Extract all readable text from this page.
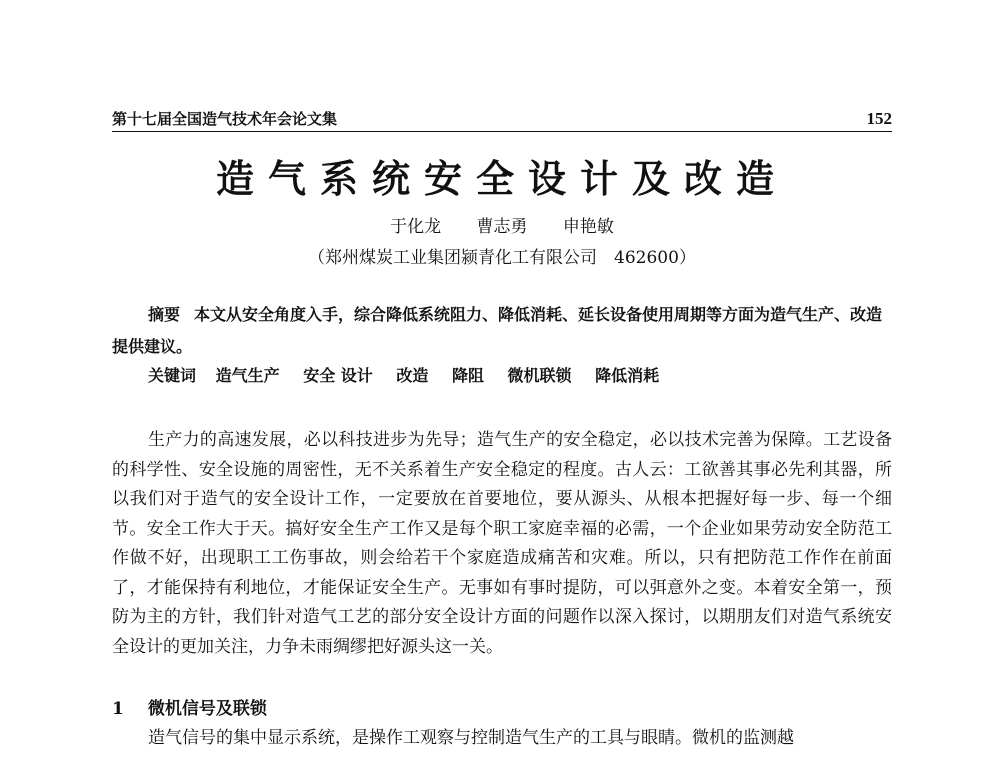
第十七届全国造气技术年会论文集	152
造气系统安全设计及改造
于化龙 曹志勇 申艳敏
（郑州煤炭工业集团颍青化工有限公司　462600）
摘要 本文从安全角度入手，综合降低系统阻力、降低消耗、延长设备使用周期等方面为造气生产、改造提供建议。
关键词 造气生产 安全 设计 改造 降阻 微机联锁 降低消耗

生产力的高速发展，必以科技进步为先导；造气生产的安全稳定，必以技术完善为保障。工艺设备的科学性、安全设施的周密性，无不关系着生产安全稳定的程度。古人云：工欲善其事必先利其器，所以我们对于造气的安全设计工作，一定要放在首要地位，要从源头、从根本把握好每一步、每一个细节。安全工作大于天。搞好安全生产工作又是每个职工家庭幸福的必需，一个企业如果劳动安全防范工作做不好，出现职工工伤事故，则会给若干个家庭造成痛苦和灾难。所以，只有把防范工作作在前面了，才能保持有利地位，才能保证安全生产。无事如有事时提防，可以弭意外之变。本着安全第一，预防为主的方针，我们针对造气工艺的部分安全设计方面的问题作以深入探讨，以期朋友们对造气系统安全设计的更加关注，力争未雨绸缪把好源头这一关。

1 微机信号及联锁

造气信号的集中显示系统，是操作工观察与控制造气生产的工具与眼睛。微机的监测越
